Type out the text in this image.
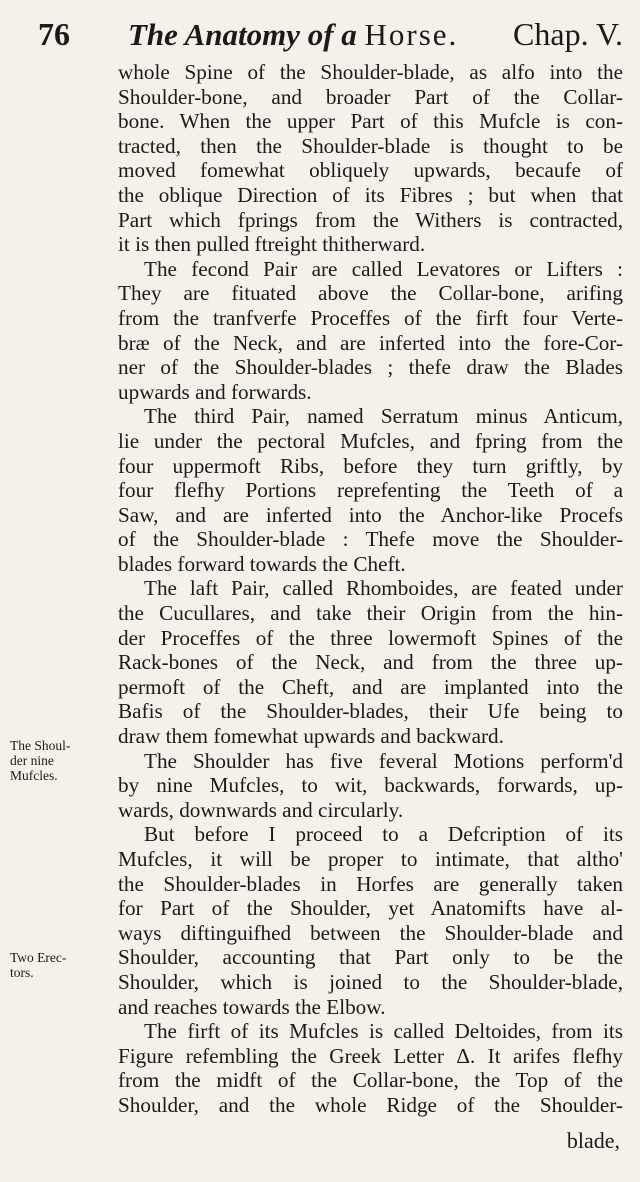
76	The Anatomy of a Horse. Chap. V.
whole Spine of the Shoulder-blade, as alfo into the
Shoulder-bone, and broader Part of the Collar-
bone. When the upper Part of this Mufcle is con-
tracted, then the Shoulder-blade is thought to be
moved fomewhat obliquely upwards, becaufe of
the oblique Direction of its Fibres ; but when that
Part which fprings from the Withers is contracted,
it is then pulled ftreight thitherward.
The fecond Pair are called Levatores or Lifters :
They are fituated above the Collar-bone, arifing
from the tranfverfe Proceffes of the firft four Verte-
bræ of the Neck, and are inferted into the fore-Cor-
ner of the Shoulder-blades ; thefe draw the Blades
upwards and forwards.
The third Pair, named Serratum minus Anticum,
lie under the pectoral Mufcles, and fpring from the
four uppermoft Ribs, before they turn griftly, by
four flefhy Portions reprefenting the Teeth of a
Saw, and are inferted into the Anchor-like Procefs
of the Shoulder-blade : Thefe move the Shoulder-
blades forward towards the Cheft.
The laft Pair, called Rhomboides, are feated under
the Cucullares, and take their Origin from the hin-
der Proceffes of the three lowermoft Spines of the
Rack-bones of the Neck, and from the three up-
permoft of the Cheft, and are implanted into the
Bafis of the Shoulder-blades, their Ufe being to
draw them fomewhat upwards and backward.
The Shoulder has five feveral Motions perform'd
by nine Mufcles, to wit, backwards, forwards, up-
wards, downwards and circularly.
But before I proceed to a Defcription of its
Mufcles, it will be proper to intimate, that altho'
the Shoulder-blades in Horfes are generally taken
for Part of the Shoulder, yet Anatomifts have al-
ways diftinguifhed between the Shoulder-blade and
Shoulder, accounting that Part only to be the
Shoulder, which is joined to the Shoulder-blade,
and reaches towards the Elbow.
The firft of its Mufcles is called Deltoides, from its
Figure refembling the Greek Letter Δ. It arifes flefhy
from the midft of the Collar-bone, the Top of the
Shoulder, and the whole Ridge of the Shoulder-
The Shoul-der nine Mufcles.
Two Erec-tors.
blade,
